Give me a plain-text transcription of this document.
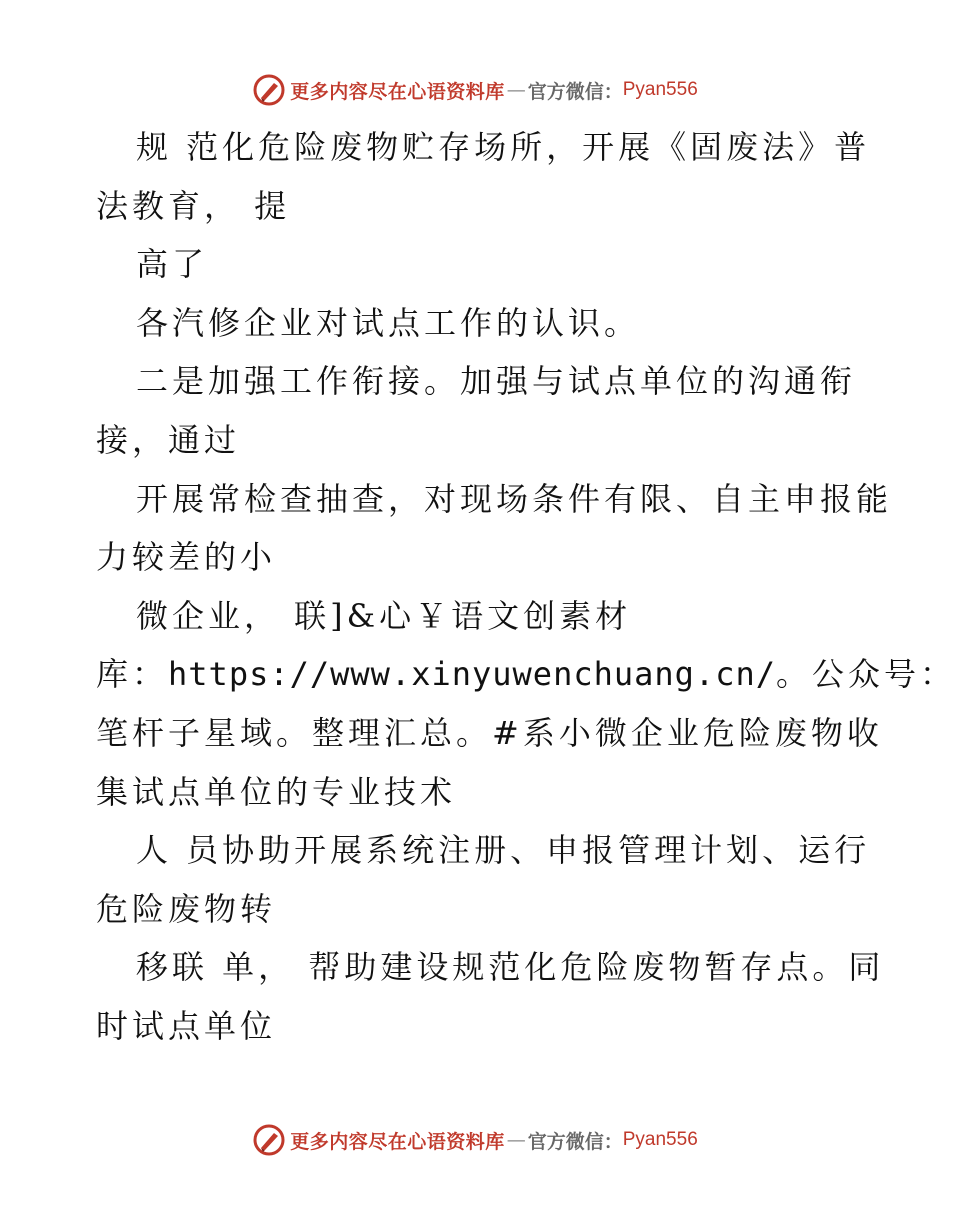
更多内容尽在心语资料库 — 官方微信： Pyan556
规 范化危险废物贮存场所，开展《固废法》普
法教育， 提
高了
各汽修企业对试点工作的认识。
二是加强工作衔接。加强与试点单位的沟通衔
接，通过
开展常检查抽查，对现场条件有限、自主申报能
力较差的小
微企业， 联]&心￥语文创素材
库：https://www.xinyuwenchuang.cn/。公众号：
笔杆子星域。整理汇总。#系小微企业危险废物收
集试点单位的专业技术
人 员协助开展系统注册、申报管理计划、运行
危险废物转
移联 单， 帮助建设规范化危险废物暂存点。同
时试点单位
更多内容尽在心语资料库 — 官方微信： Pyan556
